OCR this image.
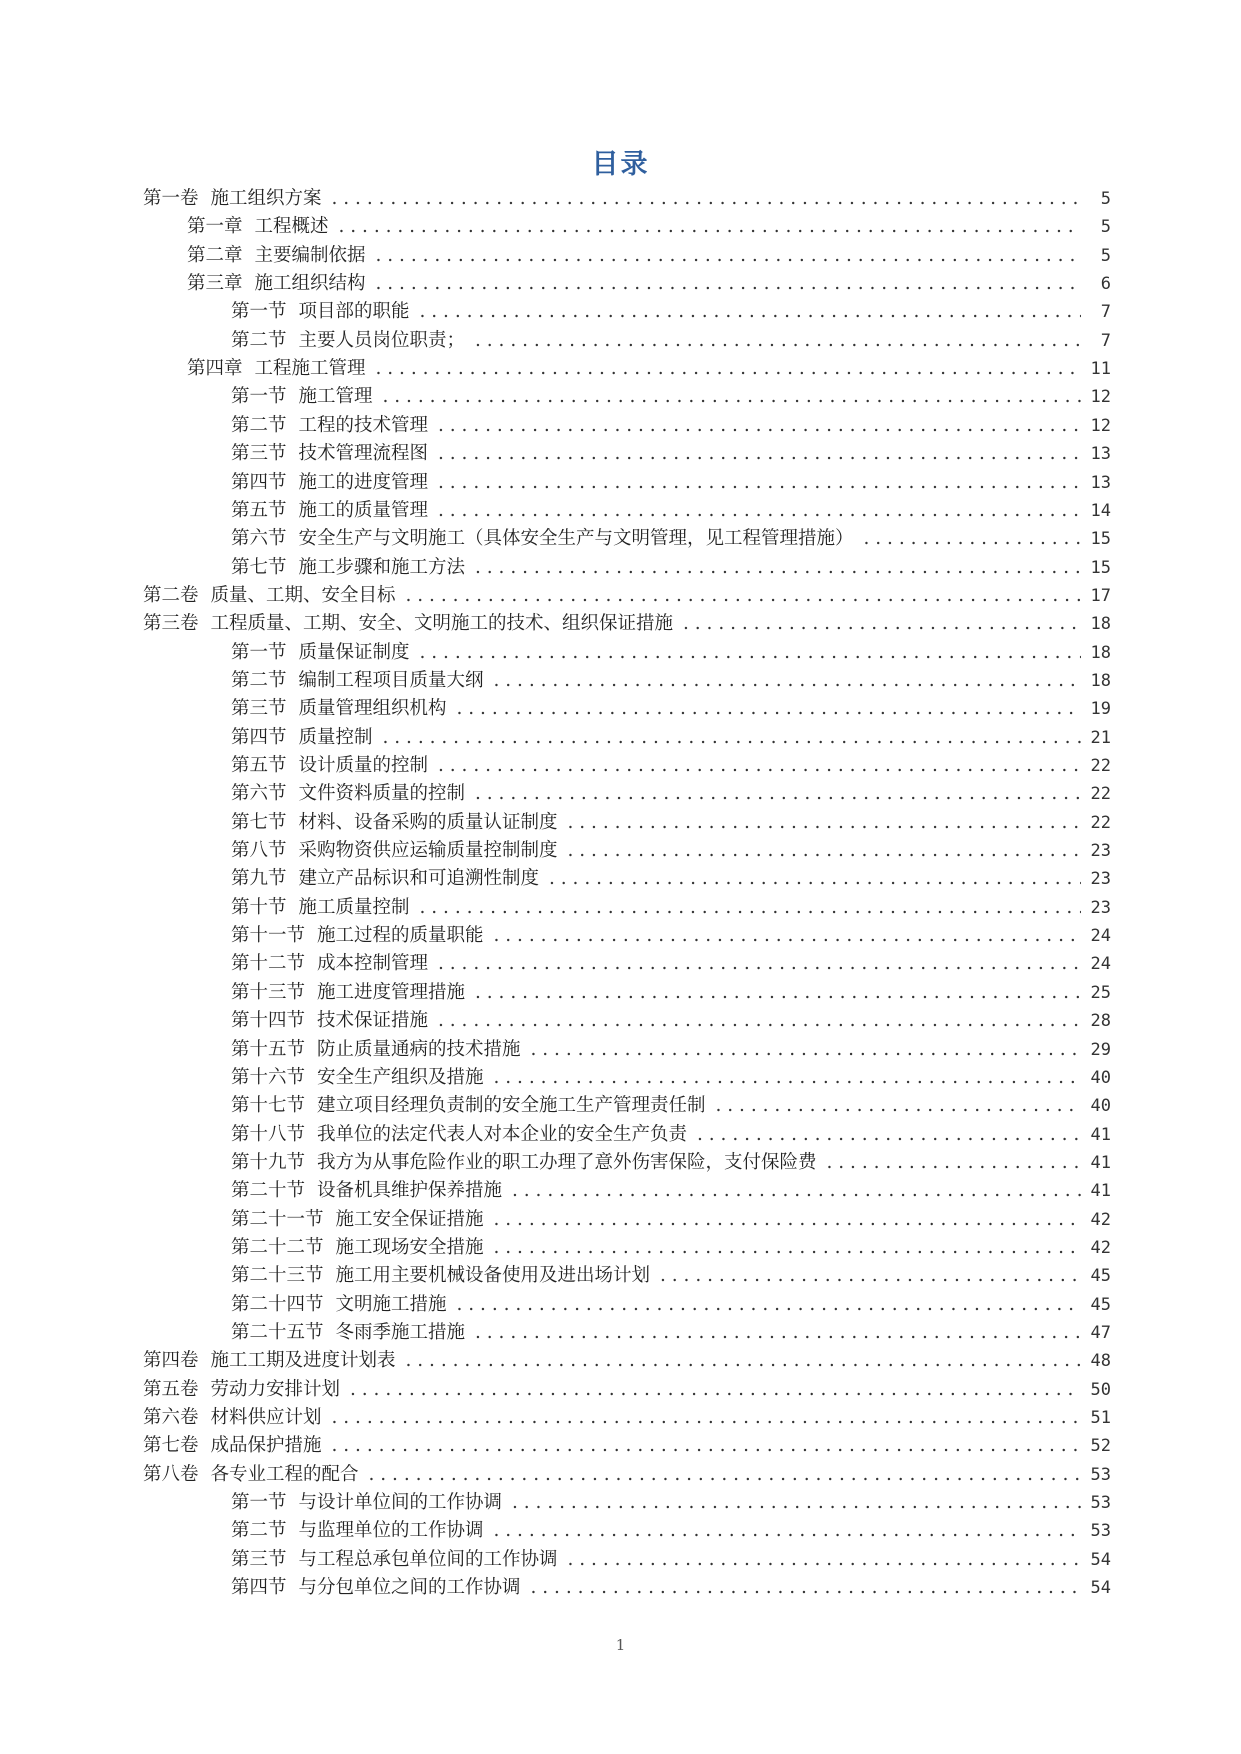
目录
第一卷 施工组织方案 . . .	5
第一章 工程概述 . . .	5
第二章 主要编制依据 . . .	5
第三章 施工组织结构 . . .	6
第一节 项目部的职能 . . .	7
第二节 主要人员岗位职责； . . .	7
第四章 工程施工管理 . . .	11
第一节 施工管理 . . .	12
第二节 工程的技术管理 . . .	12
第三节 技术管理流程图 . . .	13
第四节 施工的进度管理 . . .	13
第五节 施工的质量管理 . . .	14
第六节 安全生产与文明施工（具体安全生产与文明管理，见工程管理措施） . . .	15
第七节 施工步骤和施工方法 . . .	15
第二卷 质量、工期、安全目标 . . .	17
第三卷 工程质量、工期、安全、文明施工的技术、组织保证措施 . . .	18
第一节 质量保证制度 . . .	18
第二节 编制工程项目质量大纲 . . .	18
第三节 质量管理组织机构 . . .	19
第四节 质量控制 . . .	21
第五节 设计质量的控制 . . .	22
第六节 文件资料质量的控制 . . .	22
第七节 材料、设备采购的质量认证制度 . . .	22
第八节 采购物资供应运输质量控制制度 . . .	23
第九节 建立产品标识和可追溯性制度 . . .	23
第十节 施工质量控制 . . .	23
第十一节 施工过程的质量职能 . . .	24
第十二节 成本控制管理 . . .	24
第十三节 施工进度管理措施 . . .	25
第十四节 技术保证措施 . . .	28
第十五节 防止质量通病的技术措施 . . .	29
第十六节 安全生产组织及措施 . . .	40
第十七节 建立项目经理负责制的安全施工生产管理责任制 . . .	40
第十八节 我单位的法定代表人对本企业的安全生产负责 . . .	41
第十九节 我方为从事危险作业的职工办理了意外伤害保险，支付保险费 . . .	41
第二十节 设备机具维护保养措施 . . .	41
第二十一节 施工安全保证措施 . . .	42
第二十二节 施工现场安全措施 . . .	42
第二十三节 施工用主要机械设备使用及进出场计划 . . .	45
第二十四节 文明施工措施 . . .	45
第二十五节 冬雨季施工措施 . . .	47
第四卷 施工工期及进度计划表 . . .	48
第五卷 劳动力安排计划 . . .	50
第六卷 材料供应计划 . . .	51
第七卷 成品保护措施 . . .	52
第八卷 各专业工程的配合 . . .	53
第一节 与设计单位间的工作协调 . . .	53
第二节 与监理单位的工作协调 . . .	53
第三节 与工程总承包单位间的工作协调 . . .	54
第四节 与分包单位之间的工作协调 . . .	54
1
